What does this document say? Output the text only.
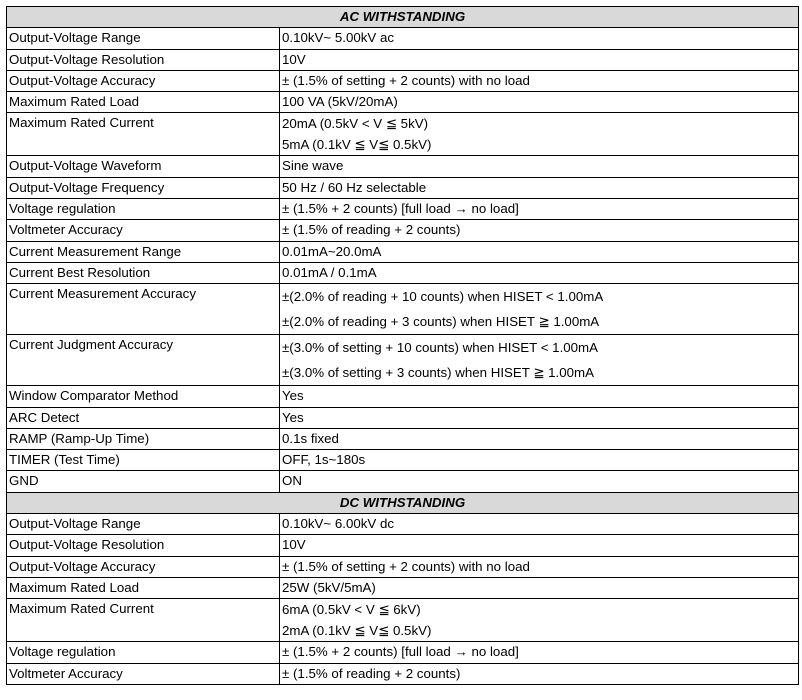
AC WITHSTANDING	
Output-Voltage Range	0.10kV~ 5.00kV ac
Output-Voltage Resolution	10V
Output-Voltage Accuracy	± (1.5% of setting + 2 counts) with no load
Maximum Rated Load	100 VA (5kV/20mA)
Maximum Rated Current	20mA (0.5kV < V ≦ 5kV)
5mA (0.1kV ≦ V≦ 0.5kV)

Output-Voltage Waveform	Sine wave
Output-Voltage Frequency	50 Hz / 60 Hz selectable
Voltage regulation	± (1.5% + 2 counts) [full load → no load]
Voltmeter Accuracy	± (1.5% of reading + 2 counts)
Current Measurement Range	0.01mA~20.0mA
Current Best Resolution	0.01mA / 0.1mA
Current Measurement Accuracy	±(2.0% of reading + 10 counts) when HISET < 1.00mA
±(2.0% of reading + 3 counts) when HISET ≧ 1.00mA

Current Judgment Accuracy	±(3.0% of setting + 10 counts) when HISET < 1.00mA
±(3.0% of setting + 3 counts) when HISET ≧ 1.00mA

Window Comparator Method	Yes
ARC Detect	Yes
RAMP (Ramp-Up Time)	0.1s fixed
TIMER (Test Time)	OFF, 1s~180s
GND	ON
DC WITHSTANDING	
Output-Voltage Range	0.10kV~ 6.00kV dc
Output-Voltage Resolution	10V
Output-Voltage Accuracy	± (1.5% of setting + 2 counts) with no load
Maximum Rated Load	25W (5kV/5mA)
Maximum Rated Current	6mA (0.5kV < V ≦ 6kV)
2mA (0.1kV ≦ V≦ 0.5kV)

Voltage regulation	± (1.5% + 2 counts) [full load → no load]
Voltmeter Accuracy	± (1.5% of reading + 2 counts)
